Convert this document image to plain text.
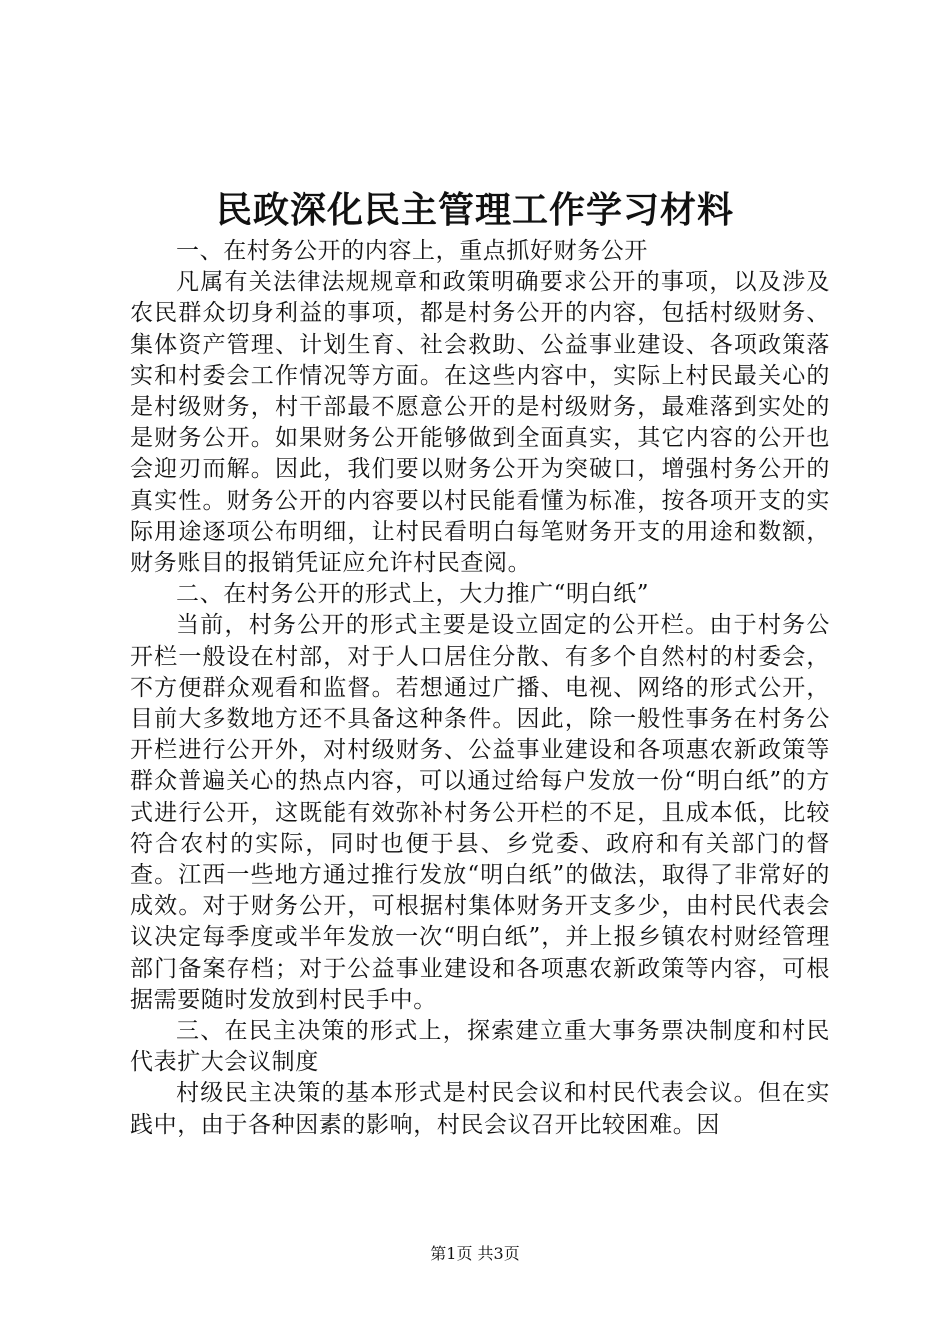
民政深化民主管理工作学习材料

一、在村务公开的内容上，重点抓好财务公开

凡属有关法律法规规章和政策明确要求公开的事项，以及涉及农民群众切身利益的事项，都是村务公开的内容，包括村级财务、集体资产管理、计划生育、社会救助、公益事业建设、各项政策落实和村委会工作情况等方面。在这些内容中，实际上村民最关心的是村级财务，村干部最不愿意公开的是村级财务，最难落到实处的是财务公开。如果财务公开能够做到全面真实，其它内容的公开也会迎刃而解。因此，我们要以财务公开为突破口，增强村务公开的真实性。财务公开的内容要以村民能看懂为标准，按各项开支的实际用途逐项公布明细，让村民看明白每笔财务开支的用途和数额，财务账目的报销凭证应允许村民查阅。

二、在村务公开的形式上，大力推广“明白纸”

当前，村务公开的形式主要是设立固定的公开栏。由于村务公开栏一般设在村部，对于人口居住分散、有多个自然村的村委会，不方便群众观看和监督。若想通过广播、电视、网络的形式公开，目前大多数地方还不具备这种条件。因此，除一般性事务在村务公开栏进行公开外，对村级财务、公益事业建设和各项惠农新政策等群众普遍关心的热点内容，可以通过给每户发放一份“明白纸”的方式进行公开，这既能有效弥补村务公开栏的不足，且成本低，比较符合农村的实际，同时也便于县、乡党委、政府和有关部门的督查。江西一些地方通过推行发放“明白纸”的做法，取得了非常好的成效。对于财务公开，可根据村集体财务开支多少，由村民代表会议决定每季度或半年发放一次“明白纸”，并上报乡镇农村财经管理部门备案存档；对于公益事业建设和各项惠农新政策等内容，可根据需要随时发放到村民手中。

三、在民主决策的形式上，探索建立重大事务票决制度和村民代表扩大会议制度

村级民主决策的基本形式是村民会议和村民代表会议。但在实践中，由于各种因素的影响，村民会议召开比较困难。因

第1页 共3页
